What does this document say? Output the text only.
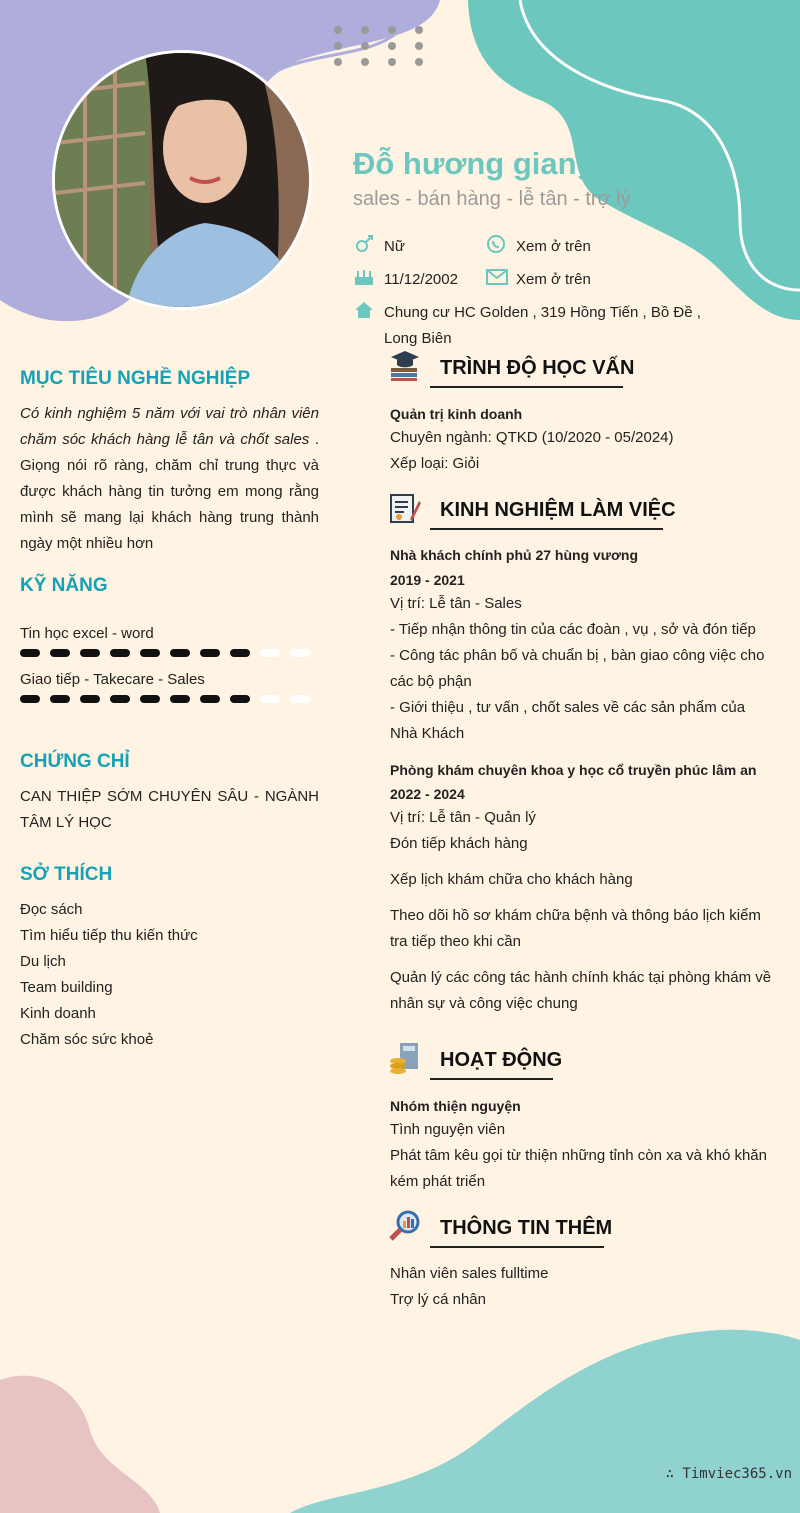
Đỗ hương giang
sales - bán hàng - lễ tân - trợ lý
Nữ	Xem ở trên
11/12/2002	Xem ở trên
Chung cư HC Golden , 319 Hồng Tiến , Bồ Đề ,
Long Biên
MỤC TIÊU NGHỀ NGHIỆP
Có kinh nghiệm 5 năm với vai trò nhân viên chăm sóc khách hàng lễ tân và chốt sales . Giọng nói rõ ràng, chăm chỉ trung thực và được khách hàng tin tưởng em mong rằng mình sẽ mang lại khách hàng trung thành ngày một nhiều hơn
KỸ NĂNG
Tin học excel - word
Giao tiếp - Takecare - Sales
CHỨNG CHỈ
CAN THIỆP SỚM CHUYÊN SÂU - NGÀNH TÂM LÝ HỌC
SỞ THÍCH
Đọc sách
Tìm hiểu tiếp thu kiến thức
Du lịch
Team building
Kinh doanh
Chăm sóc sức khoẻ
TRÌNH ĐỘ HỌC VẤN
Quản trị kinh doanh
Chuyên ngành: QTKD (10/2020 - 05/2024)
Xếp loại: Giỏi
KINH NGHIỆM LÀM VIỆC
Nhà khách chính phủ 27 hùng vương
2019 - 2021
Vị trí: Lễ tân - Sales
- Tiếp nhận thông tin của các đoàn , vụ , sở và đón tiếp
- Công tác phân bố và chuẩn bị , bàn giao công việc cho các bộ phận
- Giới thiệu , tư vấn , chốt sales về các sản phẩm của Nhà Khách
Phòng khám chuyên khoa y học cổ truyền phúc lâm an
2022 - 2024
Vị trí: Lễ tân - Quản lý
Đón tiếp khách hàng
Xếp lịch khám chữa cho khách hàng
Theo dõi hồ sơ khám chữa bệnh và thông báo lịch kiểm tra tiếp theo khi cần
Quản lý các công tác hành chính khác tại phòng khám về nhân sự và công việc chung
HOẠT ĐỘNG
Nhóm thiện nguyện
Tình nguyện viên
Phát tâm kêu gọi từ thiện những tỉnh còn xa và khó khăn kém phát triển
THÔNG TIN THÊM
Nhân viên sales fulltime
Trợ lý cá nhân
∴ Timviec365.vn
